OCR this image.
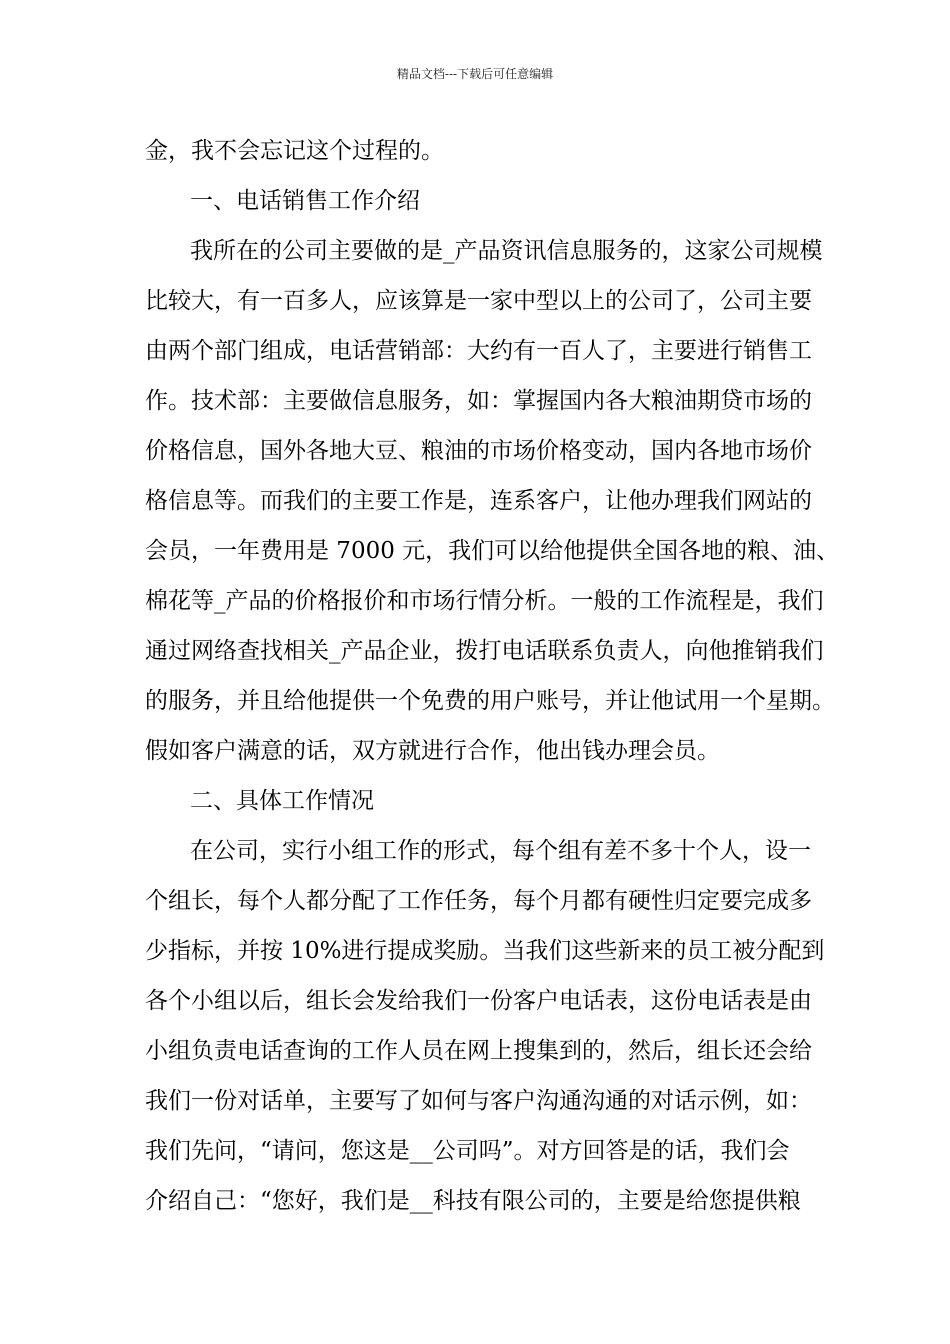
精品文档---下载后可任意编辑
金，我不会忘记这个过程的。
一、电话销售工作介绍
我所在的公司主要做的是_产品资讯信息服务的，这家公司规模
比较大，有一百多人，应该算是一家中型以上的公司了，公司主要
由两个部门组成，电话营销部：大约有一百人了，主要进行销售工
作。技术部：主要做信息服务，如：掌握国内各大粮油期贷市场的
价格信息，国外各地大豆、粮油的市场价格变动，国内各地市场价
格信息等。而我们的主要工作是，连系客户，让他办理我们网站的
会员，一年费用是 7000 元，我们可以给他提供全国各地的粮、油、
棉花等_产品的价格报价和市场行情分析。一般的工作流程是，我们
通过网络查找相关_产品企业，拨打电话联系负责人，向他推销我们
的服务，并且给他提供一个免费的用户账号，并让他试用一个星期。
假如客户满意的话，双方就进行合作，他出钱办理会员。
二、具体工作情况
在公司，实行小组工作的形式，每个组有差不多十个人，设一
个组长，每个人都分配了工作任务，每个月都有硬性归定要完成多
少指标，并按 10%进行提成奖励。当我们这些新来的员工被分配到
各个小组以后，组长会发给我们一份客户电话表，这份电话表是由
小组负责电话查询的工作人员在网上搜集到的，然后，组长还会给
我们一份对话单，主要写了如何与客户沟通沟通的对话示例，如：
我们先问，“请问，您这是__公司吗”。对方回答是的话，我们会
介绍自己：“您好，我们是__科技有限公司的，主要是给您提供粮
